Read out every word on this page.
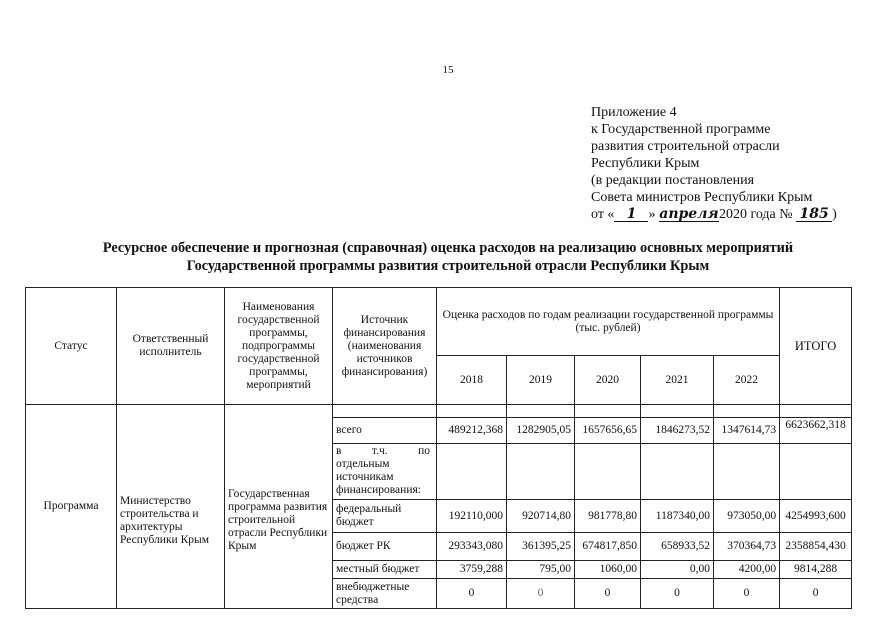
15
Приложение 4
к Государственной программе
развития строительной отрасли
Республики Крым
(в редакции постановления
Совета министров Республики Крым
от « 1 » апреля2020 года № 185 )
Ресурсное обеспечение и прогнозная (справочная) оценка расходов на реализацию основных мероприятий
Государственной программы развития строительной отрасли Республики Крым
Статус	Ответственный исполнитель	Наименования государственной программы, подпрограммы государственной программы, мероприятий	Источник финансирования (наименования источников финансирования)	Оценка расходов по годам реализации государственной программы (тыс. рублей)					ИТОГО
				2018	2019	2020	2021	2022	
Программа	Министерство строительства и архитектуры Республики Крым	Государственная программа развития строительной отрасли Республики Крым							

			всего	489212,368	1282905,05	1657656,65	1846273,52	1347614,73	6623662,318

			в т.ч. по
отдельным источникам финансирования:						

			федеральный бюджет	192110,000	920714,80	981778,80	1187340,00	973050,00	4254993,600
			бюджет РК	293343,080	361395,25	674817,850	658933,52	370364,73	2358854,430
			местный бюджет	3759,288	795,00	1060,00	0,00	4200,00	9814,288
			внебюджетные средства	0	0	0	0	0	0
